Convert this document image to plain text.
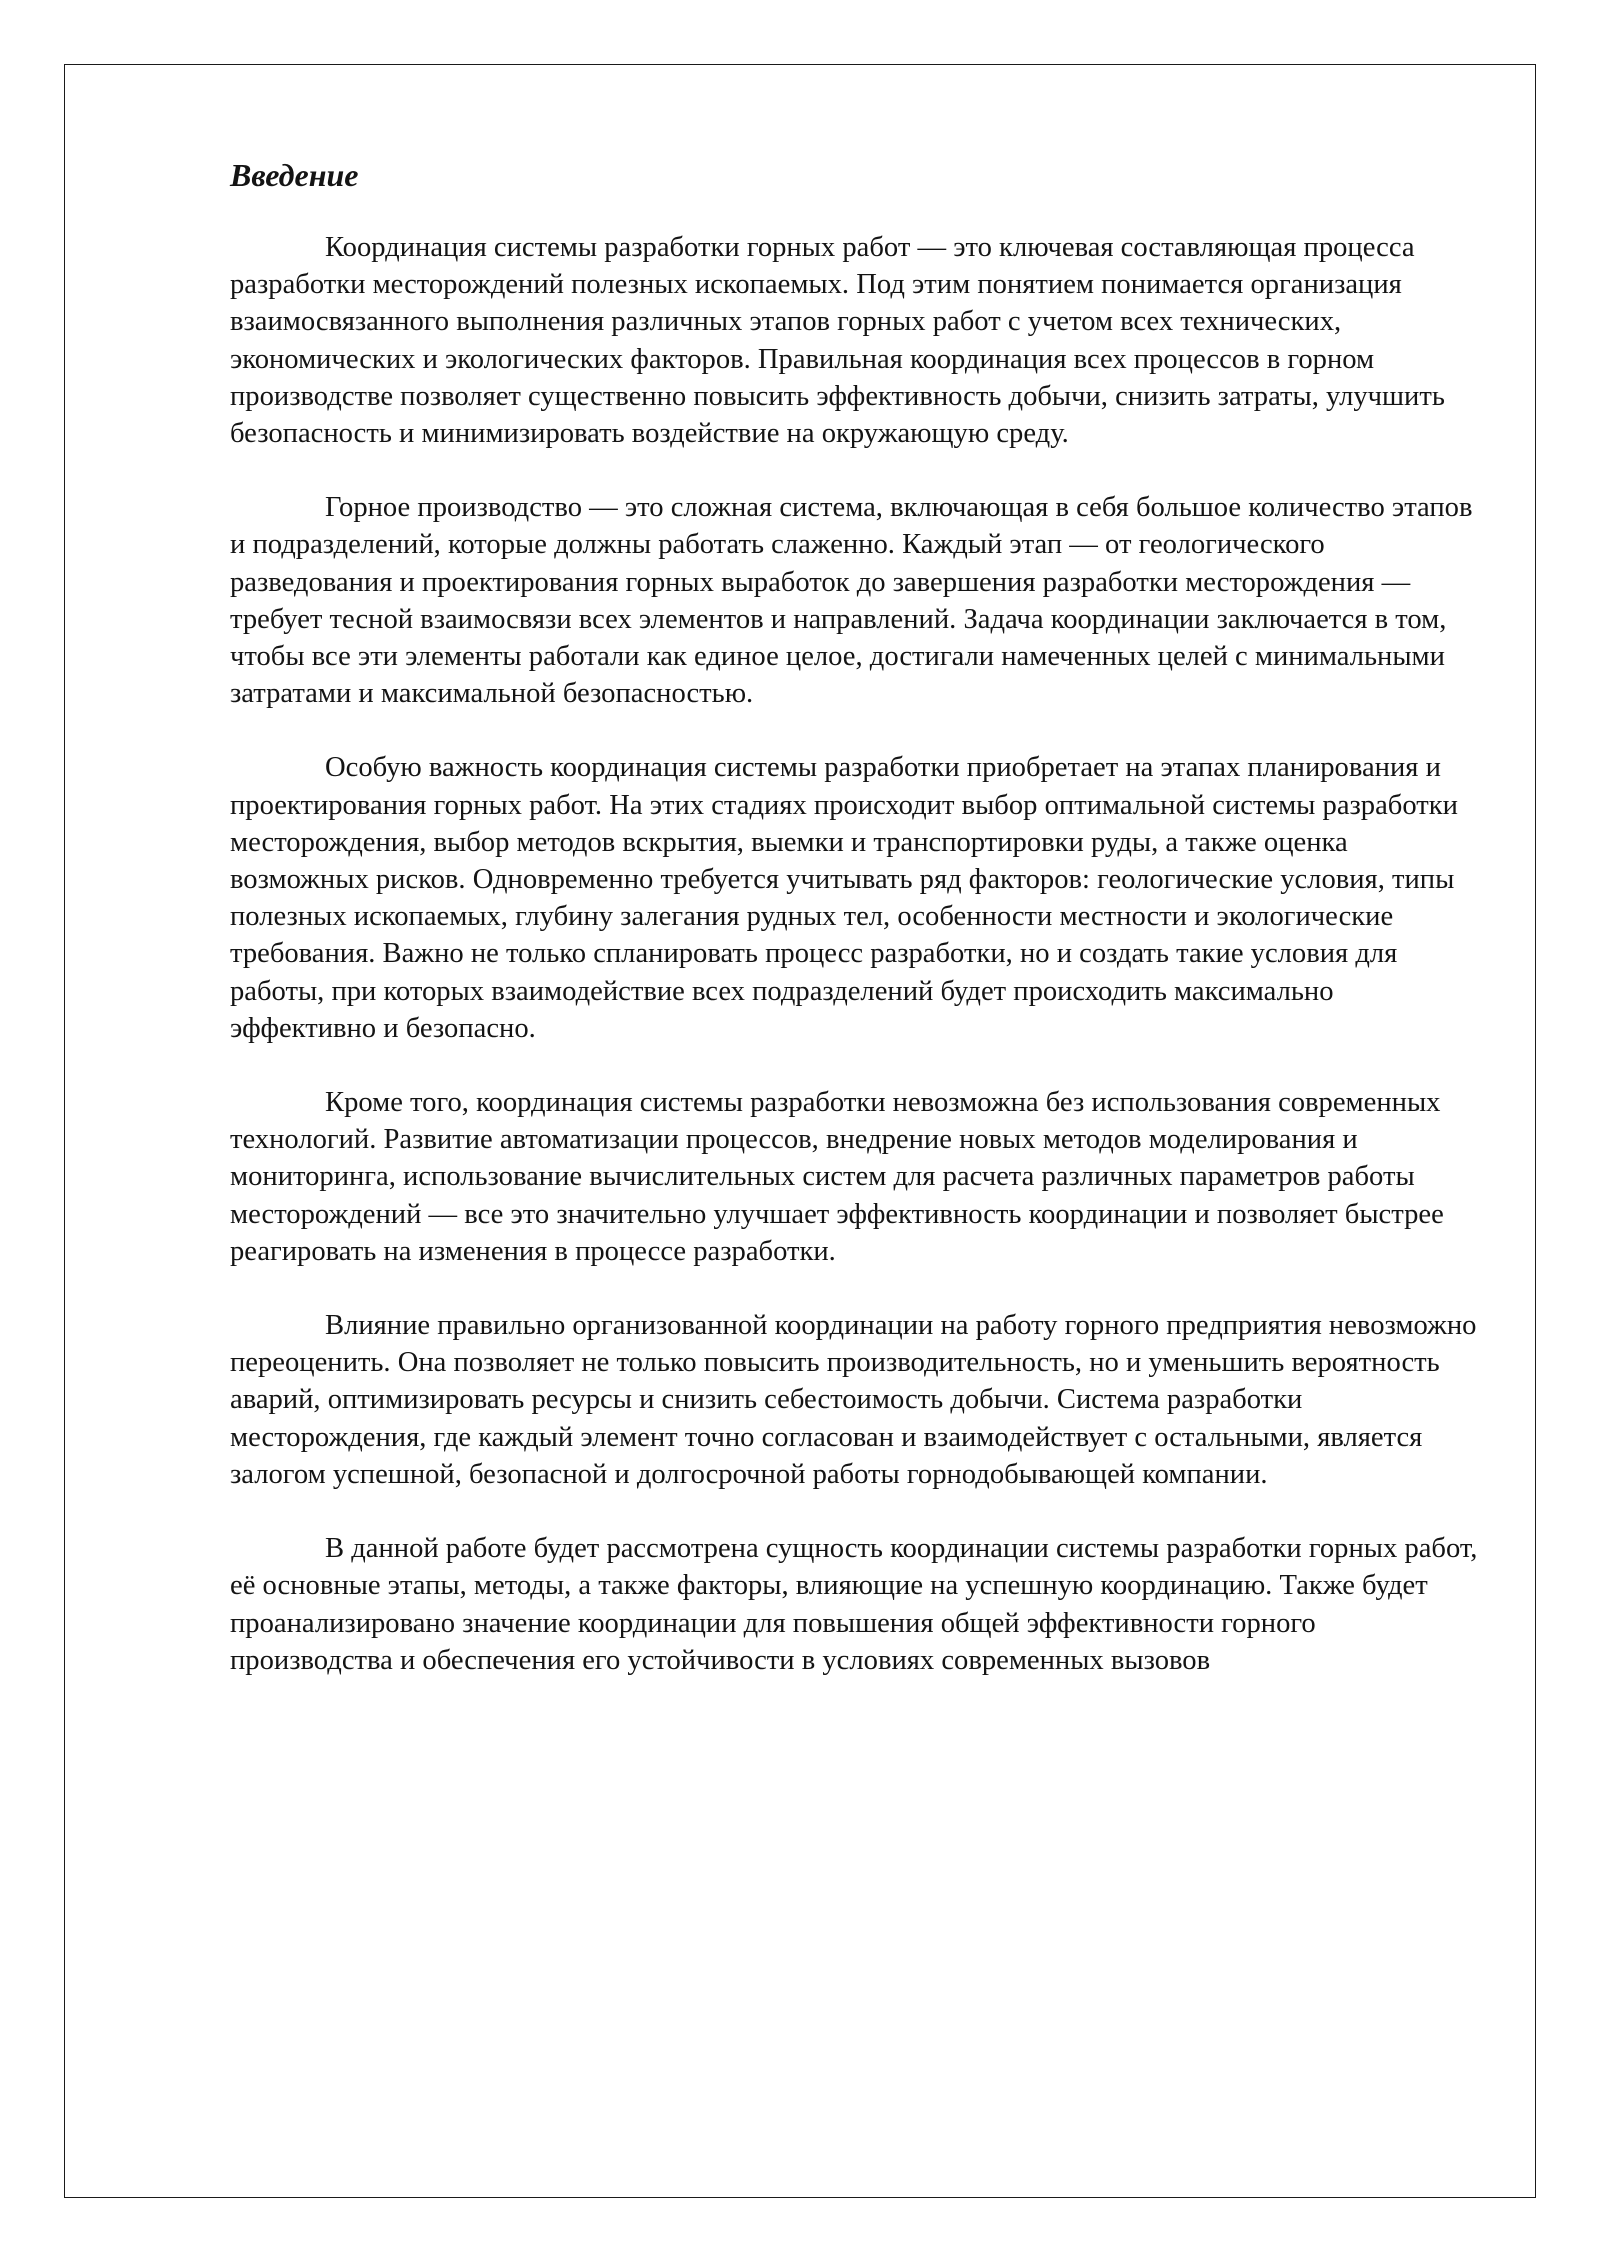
Введение

Координация системы разработки горных работ — это ключевая составляющая процесса разработки месторождений полезных ископаемых. Под этим понятием понимается организация взаимосвязанного выполнения различных этапов горных работ с учетом всех технических, экономических и экологических факторов. Правильная координация всех процессов в горном производстве позволяет существенно повысить эффективность добычи, снизить затраты, улучшить безопасность и минимизировать воздействие на окружающую среду.

Горное производство — это сложная система, включающая в себя большое количество этапов и подразделений, которые должны работать слаженно. Каждый этап — от геологического разведования и проектирования горных выработок до завершения разработки месторождения — требует тесной взаимосвязи всех элементов и направлений. Задача координации заключается в том, чтобы все эти элементы работали как единое целое, достигали намеченных целей с минимальными затратами и максимальной безопасностью.

Особую важность координация системы разработки приобретает на этапах планирования и проектирования горных работ. На этих стадиях происходит выбор оптимальной системы разработки месторождения, выбор методов вскрытия, выемки и транспортировки руды, а также оценка возможных рисков. Одновременно требуется учитывать ряд факторов: геологические условия, типы полезных ископаемых, глубину залегания рудных тел, особенности местности и экологические требования. Важно не только спланировать процесс разработки, но и создать такие условия для работы, при которых взаимодействие всех подразделений будет происходить максимально эффективно и безопасно.

Кроме того, координация системы разработки невозможна без использования современных технологий. Развитие автоматизации процессов, внедрение новых методов моделирования и мониторинга, использование вычислительных систем для расчета различных параметров работы месторождений — все это значительно улучшает эффективность координации и позволяет быстрее реагировать на изменения в процессе разработки.

Влияние правильно организованной координации на работу горного предприятия невозможно переоценить. Она позволяет не только повысить производительность, но и уменьшить вероятность аварий, оптимизировать ресурсы и снизить себестоимость добычи. Система разработки месторождения, где каждый элемент точно согласован и взаимодействует с остальными, является залогом успешной, безопасной и долгосрочной работы горнодобывающей компании.

В данной работе будет рассмотрена сущность координации системы разработки горных работ, её основные этапы, методы, а также факторы, влияющие на успешную координацию. Также будет проанализировано значение координации для повышения общей эффективности горного производства и обеспечения его устойчивости в условиях современных вызовов
